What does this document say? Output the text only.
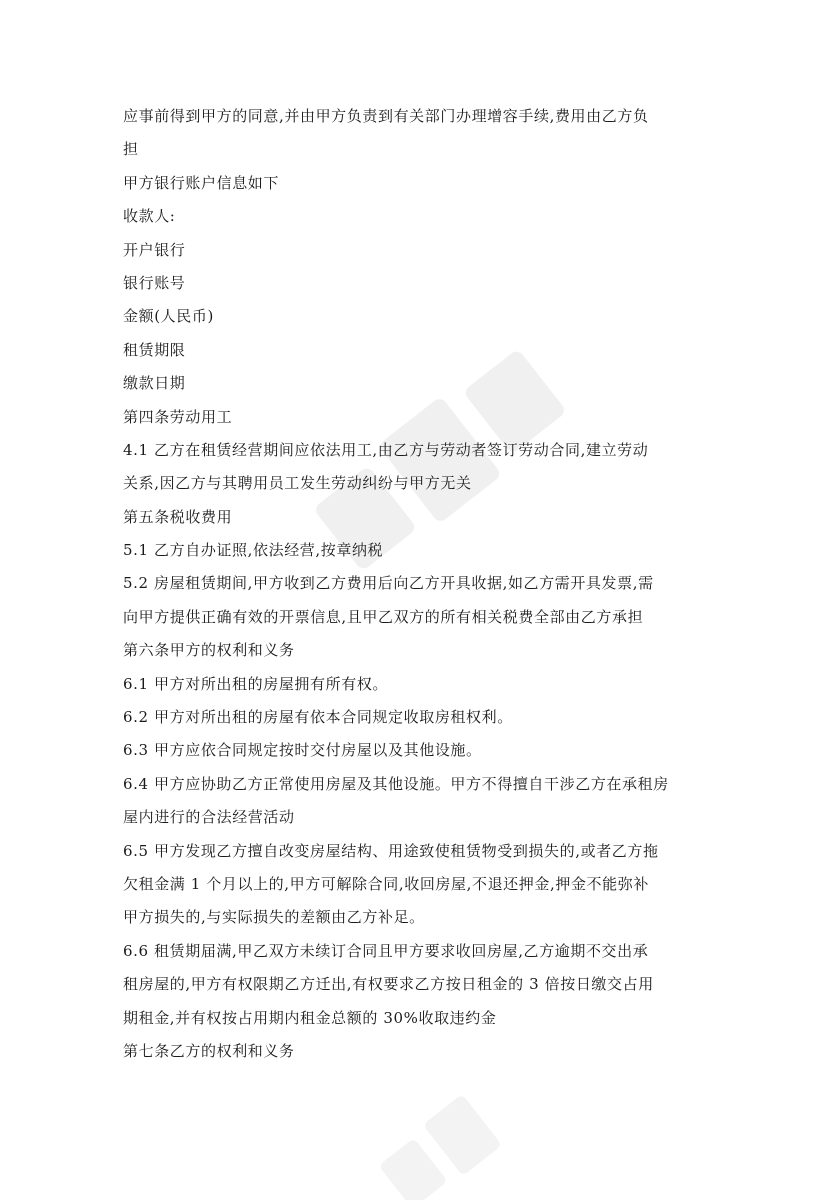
应事前得到甲方的同意,并由甲方负责到有关部门办理增容手续,费用由乙方负
担
甲方银行账户信息如下
收款人:
开户银行
银行账号
金额(人民币)
租赁期限
缴款日期
第四条劳动用工
4.1 乙方在租赁经营期间应依法用工,由乙方与劳动者签订劳动合同,建立劳动
关系,因乙方与其聘用员工发生劳动纠纷与甲方无关
第五条税收费用
5.1 乙方自办证照,依法经营,按章纳税
5.2 房屋租赁期间,甲方收到乙方费用后向乙方开具收据,如乙方需开具发票,需
向甲方提供正确有效的开票信息,且甲乙双方的所有相关税费全部由乙方承担
第六条甲方的权利和义务
6.1 甲方对所出租的房屋拥有所有权。
6.2 甲方对所出租的房屋有依本合同规定收取房租权利。
6.3 甲方应依合同规定按时交付房屋以及其他设施。
6.4 甲方应协助乙方正常使用房屋及其他设施。甲方不得擅自干涉乙方在承租房
屋内进行的合法经营活动
6.5 甲方发现乙方擅自改变房屋结构、用途致使租赁物受到损失的,或者乙方拖
欠租金满 1 个月以上的,甲方可解除合同,收回房屋,不退还押金,押金不能弥补
甲方损失的,与实际损失的差额由乙方补足。
6.6 租赁期届满,甲乙双方未续订合同且甲方要求收回房屋,乙方逾期不交出承
租房屋的,甲方有权限期乙方迁出,有权要求乙方按日租金的 3 倍按日缴交占用
期租金,并有权按占用期内租金总额的 30%收取违约金
第七条乙方的权利和义务
